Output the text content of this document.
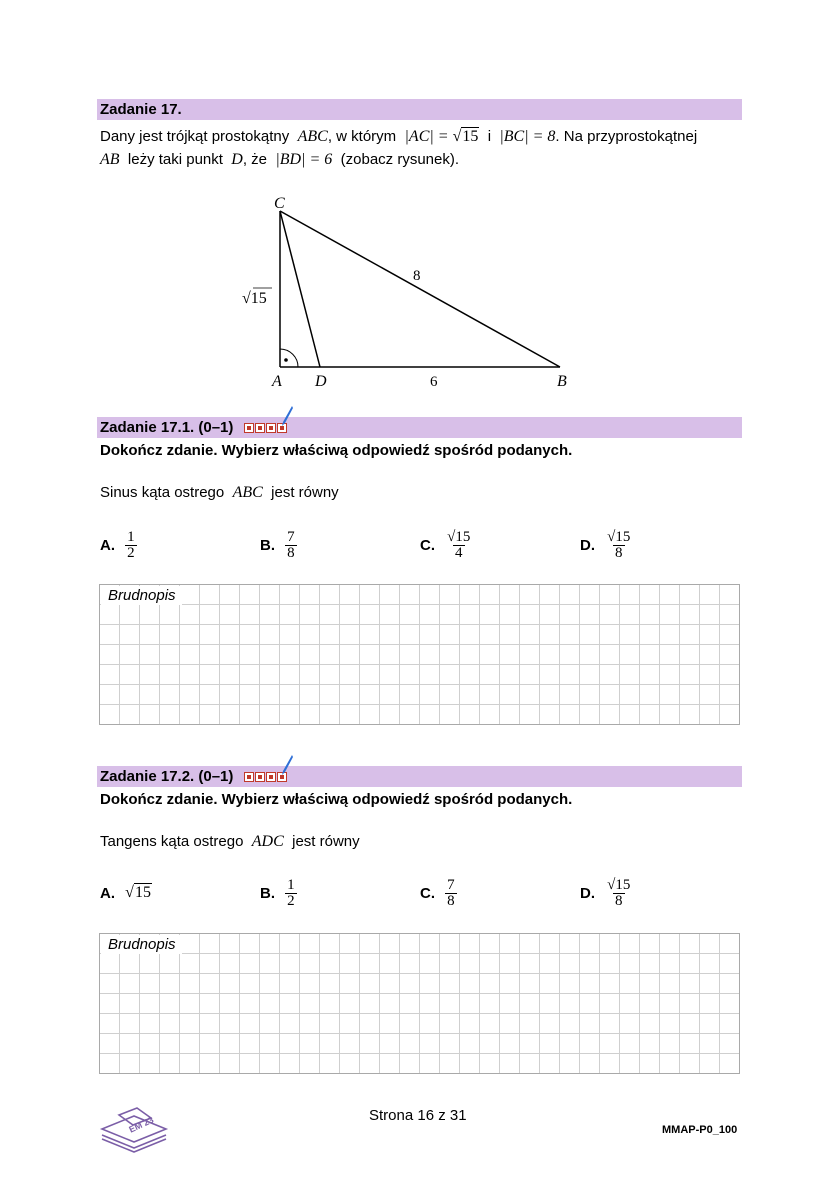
Zadanie 17.
Dany jest trójkąt prostokątny ABC, w którym |AC| = √15 i |BC| = 8. Na przyprostokątnej
AB leży taki punkt D, że |BD| = 6 (zobacz rysunek).
C
A D	B
8
√15
6
Zadanie 17.1. (0–1)
Dokończ zdanie. Wybierz właściwą odpowiedź spośród podanych.
Sinus kąta ostrego ABC jest równy
A. $\frac{1}{2}$	B. $\frac{7}{8}$	C. $\frac{√15}{4}$	D. $\frac{√15}{8}$
Brudnopis
Zadanie 17.2. (0–1)
Dokończ zdanie. Wybierz właściwą odpowiedź spośród podanych.
Tangens kąta ostrego ADC jest równy
A. √15	B. $\frac{1}{2}$	C. $\frac{7}{8}$	D. $\frac{√15}{8}$
Brudnopis
EM 23	Strona 16 z 31
MMAP-P0_100
